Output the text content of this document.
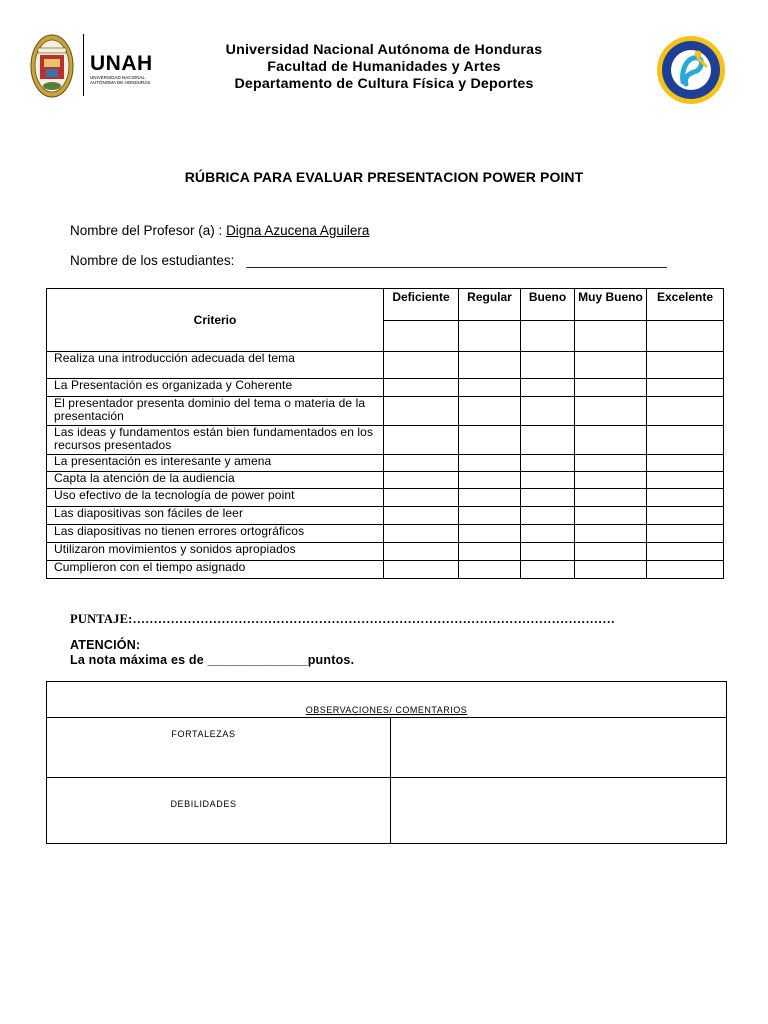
UNAH
UNIVERSIDAD NACIONAL
AUTÓNOMA DE HONDURAS
Universidad Nacional Autónoma de Honduras
Facultad de Humanidades y Artes
Departamento de Cultura Física y Deportes
RÚBRICA PARA EVALUAR PRESENTACION POWER POINT
Nombre del Profesor (a) : Digna Azucena Aguilera
Nombre de los estudiantes: ________________________________________________________
Criterio	Deficiente	Regular	Bueno	Muy Bueno	Excelente

Realiza una introducción adecuada del tema					
La Presentación es organizada y Coherente					
El presentador presenta dominio del tema o materia de la presentación					
Las ideas y fundamentos están bien fundamentados en los recursos presentados					
La presentación es interesante y amena					
Capta la atención de la audiencia					
Uso efectivo de la tecnología de power point					
Las diapositivas son fáciles de leer					
Las diapositivas no tienen errores ortográficos					
Utilizaron movimientos y sonidos apropiados					
Cumplieron con el tiempo asignado					
PUNTAJE:……………………………………………………………………………………………………
ATENCIÓN:
La nota máxima es de ______________puntos.
OBSERVACIONES/ COMENTARIOS	
FORTALEZAS	
DEBILIDADES	
